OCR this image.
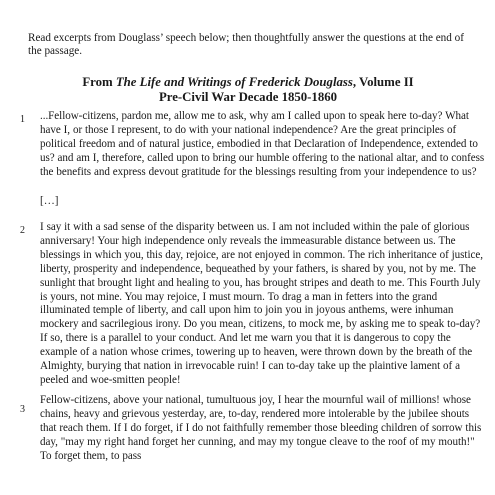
Read excerpts from Douglass’ speech below; then thoughtfully answer the questions at the end of the passage.
From The Life and Writings of Frederick Douglass, Volume II
Pre-Civil War Decade 1850-1860
1 ...Fellow-citizens, pardon me, allow me to ask, why am I called upon to speak here to-day? What have I, or those I represent, to do with your national independence? Are the great principles of political freedom and of natural justice, embodied in that Declaration of Independence, extended to us? and am I, therefore, called upon to bring our humble offering to the national altar, and to confess the benefits and express devout gratitude for the blessings resulting from your independence to us?
[…]
2 I say it with a sad sense of the disparity between us. I am not included within the pale of glorious anniversary! Your high independence only reveals the immeasurable distance between us. The blessings in which you, this day, rejoice, are not enjoyed in common. The rich inheritance of justice, liberty, prosperity and independence, bequeathed by your fathers, is shared by you, not by me. The sunlight that brought light and healing to you, has brought stripes and death to me. This Fourth July is yours, not mine. You may rejoice, I must mourn. To drag a man in fetters into the grand illuminated temple of liberty, and call upon him to join you in joyous anthems, were inhuman mockery and sacrilegious irony. Do you mean, citizens, to mock me, by asking me to speak to-day? If so, there is a parallel to your conduct. And let me warn you that it is dangerous to copy the example of a nation whose crimes, towering up to heaven, were thrown down by the breath of the Almighty, burying that nation in irrevocable ruin! I can to-day take up the plaintive lament of a peeled and woe-smitten people!
3
Fellow-citizens, above your national, tumultuous joy, I hear the mournful wail of millions! whose chains, heavy and grievous yesterday, are, to-day, rendered more intolerable by the jubilee shouts that reach them. If I do forget, if I do not faithfully remember those bleeding children of sorrow this day, "may my right hand forget her cunning, and may my tongue cleave to the roof of my mouth!" To forget them, to pass
